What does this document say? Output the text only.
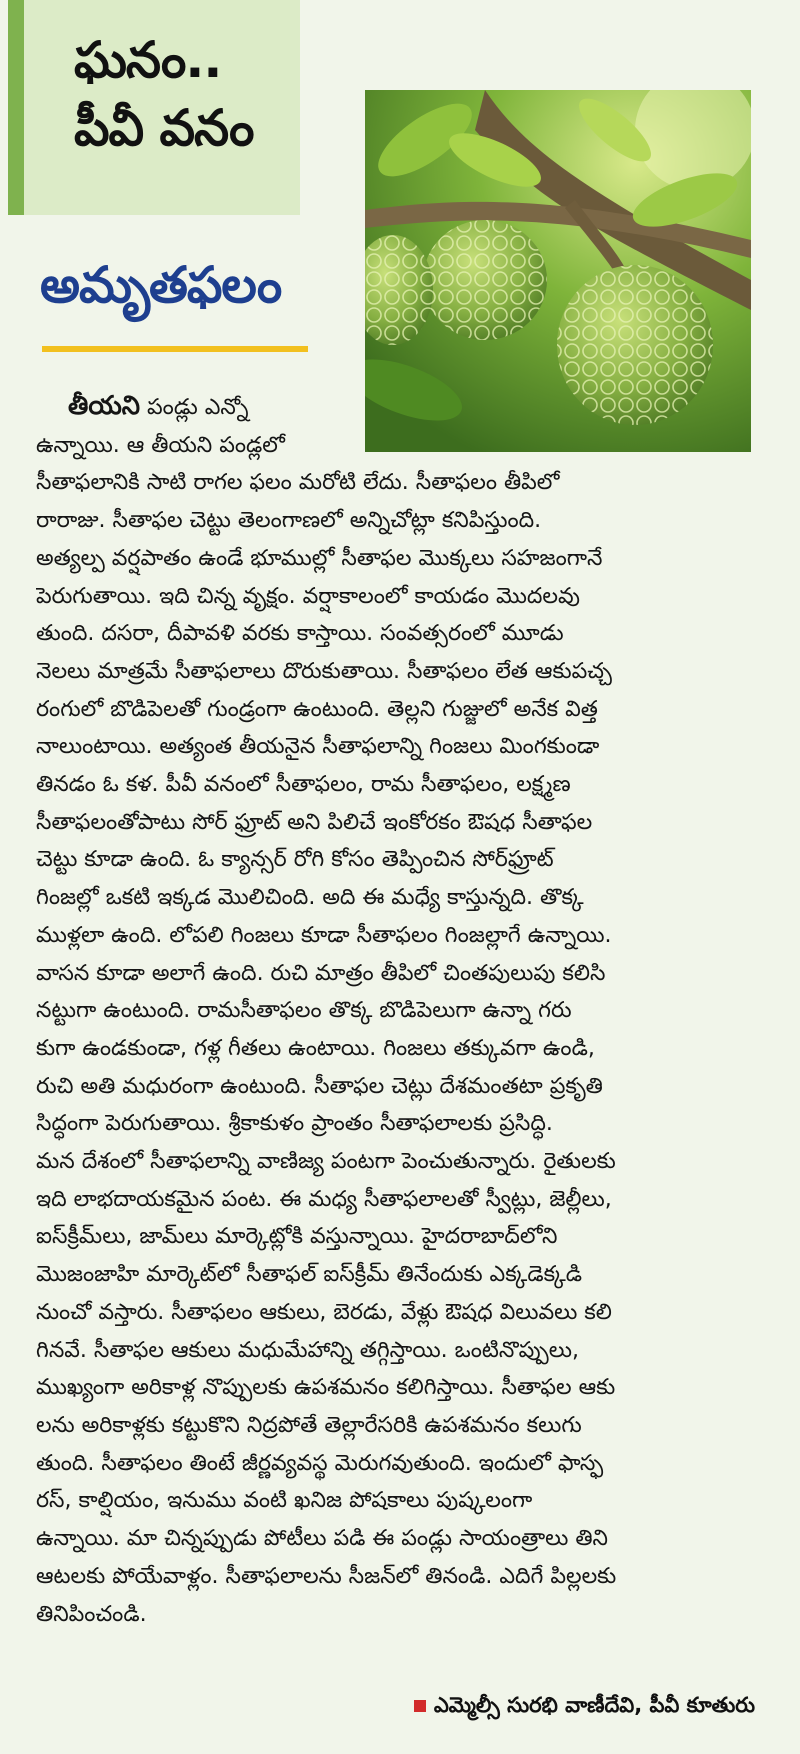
ఘనం..
పీవీ వనం
అమృతఫలం
తీయని పండ్లు ఎన్నో
ఉన్నాయి. ఆ తీయని పండ్లలో
సీతాఫలానికి సాటి రాగల ఫలం మరోటి లేదు. సీతాఫలం తీపిలో
రారాజు. సీతాఫల చెట్టు తెలంగాణలో అన్నిచోట్లా కనిపిస్తుంది.
అత్యల్ప వర్షపాతం ఉండే భూముల్లో సీతాఫల మొక్కలు సహజంగానే
పెరుగుతాయి. ఇది చిన్న వృక్షం. వర్షాకాలంలో కాయడం మొదలవు
తుంది. దసరా, దీపావళి వరకు కాస్తాయి. సంవత్సరంలో మూడు
నెలలు మాత్రమే సీతాఫలాలు దొరుకుతాయి. సీతాఫలం లేత ఆకుపచ్చ
రంగులో బొడిపెలతో గుండ్రంగా ఉంటుంది. తెల్లని గుజ్జులో అనేక విత్త
నాలుంటాయి. అత్యంత తీయనైన సీతాఫలాన్ని గింజలు మింగకుండా
తినడం ఓ కళ. పీవీ వనంలో సీతాఫలం, రామ సీతాఫలం, లక్ష్మణ
సీతాఫలంతోపాటు సోర్ ఫ్రూట్ అని పిలిచే ఇంకోరకం ఔషధ సీతాఫల
చెట్టు కూడా ఉంది. ఓ క్యాన్సర్ రోగి కోసం తెప్పించిన సోర్‌ఫ్రూట్
గింజల్లో ఒకటి ఇక్కడ మొలిచింది. అది ఈ మధ్యే కాస్తున్నది. తొక్క
ముళ్లలా ఉంది. లోపలి గింజలు కూడా సీతాఫలం గింజల్లాగే ఉన్నాయి.
వాసన కూడా అలాగే ఉంది. రుచి మాత్రం తీపిలో చింతపులుపు కలిసి
నట్టుగా ఉంటుంది. రామసీతాఫలం తొక్క బొడిపెలుగా ఉన్నా గరు
కుగా ఉండకుండా, గళ్ల గీతలు ఉంటాయి. గింజలు తక్కువగా ఉండి,
రుచి అతి మధురంగా ఉంటుంది. సీతాఫల చెట్లు దేశమంతటా ప్రకృతి
సిద్ధంగా పెరుగుతాయి. శ్రీకాకుళం ప్రాంతం సీతాఫలాలకు ప్రసిద్ధి.
మన దేశంలో సీతాఫలాన్ని వాణిజ్య పంటగా పెంచుతున్నారు. రైతులకు
ఇది లాభదాయకమైన పంట. ఈ మధ్య సీతాఫలాలతో స్వీట్లు, జెల్లీలు,
ఐస్‌క్రీమ్‌లు, జామ్‌లు మార్కెట్లోకి వస్తున్నాయి. హైదరాబాద్‌లోని
మొజంజాహి మార్కెట్‌లో సీతాఫల్ ఐస్‌క్రీమ్ తినేందుకు ఎక్కడెక్కడి
నుంచో వస్తారు. సీతాఫలం ఆకులు, బెరడు, వేళ్లు ఔషధ విలువలు కలి
గినవే. సీతాఫల ఆకులు మధుమేహాన్ని తగ్గిస్తాయి. ఒంటినొప్పులు,
ముఖ్యంగా అరికాళ్ల నొప్పులకు ఉపశమనం కలిగిస్తాయి. సీతాఫల ఆకు
లను అరికాళ్లకు కట్టుకొని నిద్రపోతే తెల్లారేసరికి ఉపశమనం కలుగు
తుంది. సీతాఫలం తింటే జీర్ణవ్యవస్థ మెరుగవుతుంది. ఇందులో ఫాస్ఫ
రస్, కాల్షియం, ఇనుము వంటి ఖనిజ పోషకాలు పుష్కలంగా
ఉన్నాయి. మా చిన్నప్పుడు పోటీలు పడి ఈ పండ్లు సాయంత్రాలు తిని
ఆటలకు పోయేవాళ్లం. సీతాఫలాలను సీజన్‌లో తినండి. ఎదిగే పిల్లలకు
తినిపించండి.
ఎమ్మెల్సీ సురభి వాణీదేవి, పీవీ కూతురు
